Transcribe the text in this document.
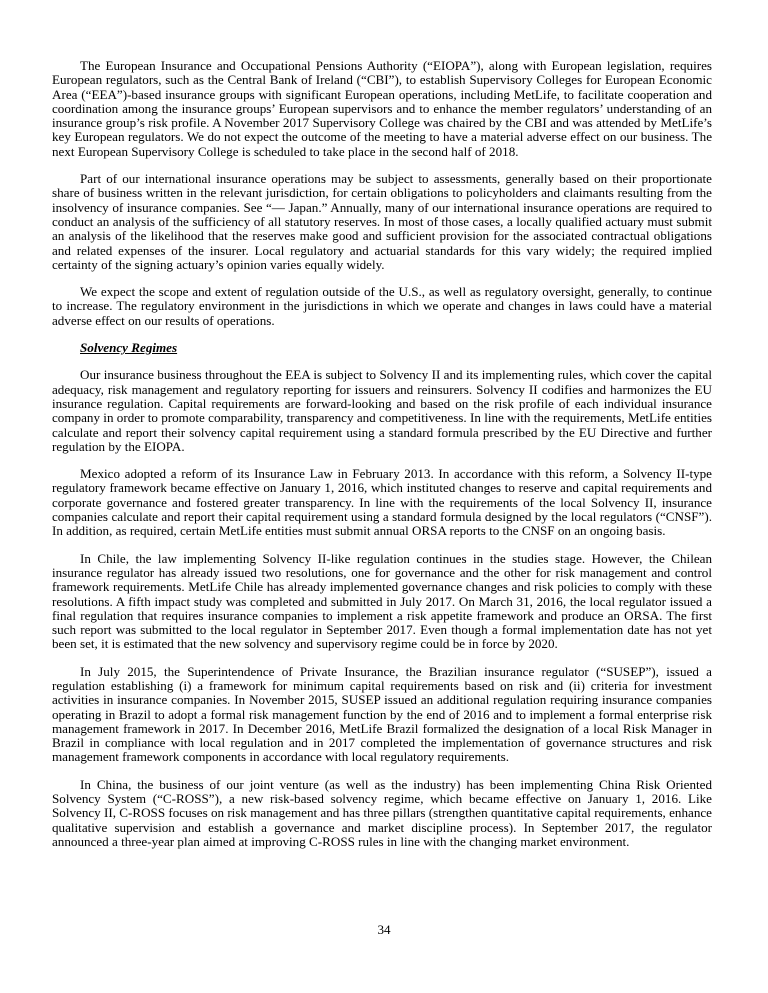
The European Insurance and Occupational Pensions Authority (“EIOPA”), along with European legislation, requires European regulators, such as the Central Bank of Ireland (“CBI”), to establish Supervisory Colleges for European Economic Area (“EEA”)-based insurance groups with significant European operations, including MetLife, to facilitate cooperation and coordination among the insurance groups’ European supervisors and to enhance the member regulators’ understanding of an insurance group’s risk profile. A November 2017 Supervisory College was chaired by the CBI and was attended by MetLife’s key European regulators. We do not expect the outcome of the meeting to have a material adverse effect on our business. The next European Supervisory College is scheduled to take place in the second half of 2018.

Part of our international insurance operations may be subject to assessments, generally based on their proportionate share of business written in the relevant jurisdiction, for certain obligations to policyholders and claimants resulting from the insolvency of insurance companies. See “— Japan.” Annually, many of our international insurance operations are required to conduct an analysis of the sufficiency of all statutory reserves. In most of those cases, a locally qualified actuary must submit an analysis of the likelihood that the reserves make good and sufficient provision for the associated contractual obligations and related expenses of the insurer. Local regulatory and actuarial standards for this vary widely; the required implied certainty of the signing actuary’s opinion varies equally widely.

We expect the scope and extent of regulation outside of the U.S., as well as regulatory oversight, generally, to continue to increase. The regulatory environment in the jurisdictions in which we operate and changes in laws could have a material adverse effect on our results of operations.

Solvency Regimes

Our insurance business throughout the EEA is subject to Solvency II and its implementing rules, which cover the capital adequacy, risk management and regulatory reporting for issuers and reinsurers. Solvency II codifies and harmonizes the EU insurance regulation. Capital requirements are forward-looking and based on the risk profile of each individual insurance company in order to promote comparability, transparency and competitiveness. In line with the requirements, MetLife entities calculate and report their solvency capital requirement using a standard formula prescribed by the EU Directive and further regulation by the EIOPA.

Mexico adopted a reform of its Insurance Law in February 2013. In accordance with this reform, a Solvency II-type regulatory framework became effective on January 1, 2016, which instituted changes to reserve and capital requirements and corporate governance and fostered greater transparency. In line with the requirements of the local Solvency II, insurance companies calculate and report their capital requirement using a standard formula designed by the local regulators (“CNSF”). In addition, as required, certain MetLife entities must submit annual ORSA reports to the CNSF on an ongoing basis.

In Chile, the law implementing Solvency II-like regulation continues in the studies stage. However, the Chilean insurance regulator has already issued two resolutions, one for governance and the other for risk management and control framework requirements. MetLife Chile has already implemented governance changes and risk policies to comply with these resolutions. A fifth impact study was completed and submitted in July 2017. On March 31, 2016, the local regulator issued a final regulation that requires insurance companies to implement a risk appetite framework and produce an ORSA. The first such report was submitted to the local regulator in September 2017. Even though a formal implementation date has not yet been set, it is estimated that the new solvency and supervisory regime could be in force by 2020.

In July 2015, the Superintendence of Private Insurance, the Brazilian insurance regulator (“SUSEP”), issued a regulation establishing (i) a framework for minimum capital requirements based on risk and (ii) criteria for investment activities in insurance companies. In November 2015, SUSEP issued an additional regulation requiring insurance companies operating in Brazil to adopt a formal risk management function by the end of 2016 and to implement a formal enterprise risk management framework in 2017. In December 2016, MetLife Brazil formalized the designation of a local Risk Manager in Brazil in compliance with local regulation and in 2017 completed the implementation of governance structures and risk management framework components in accordance with local regulatory requirements.

In China, the business of our joint venture (as well as the industry) has been implementing China Risk Oriented Solvency System (“C-ROSS”), a new risk-based solvency regime, which became effective on January 1, 2016. Like Solvency II, C-ROSS focuses on risk management and has three pillars (strengthen quantitative capital requirements, enhance qualitative supervision and establish a governance and market discipline process). In September 2017, the regulator announced a three-year plan aimed at improving C-ROSS rules in line with the changing market environment.

34
